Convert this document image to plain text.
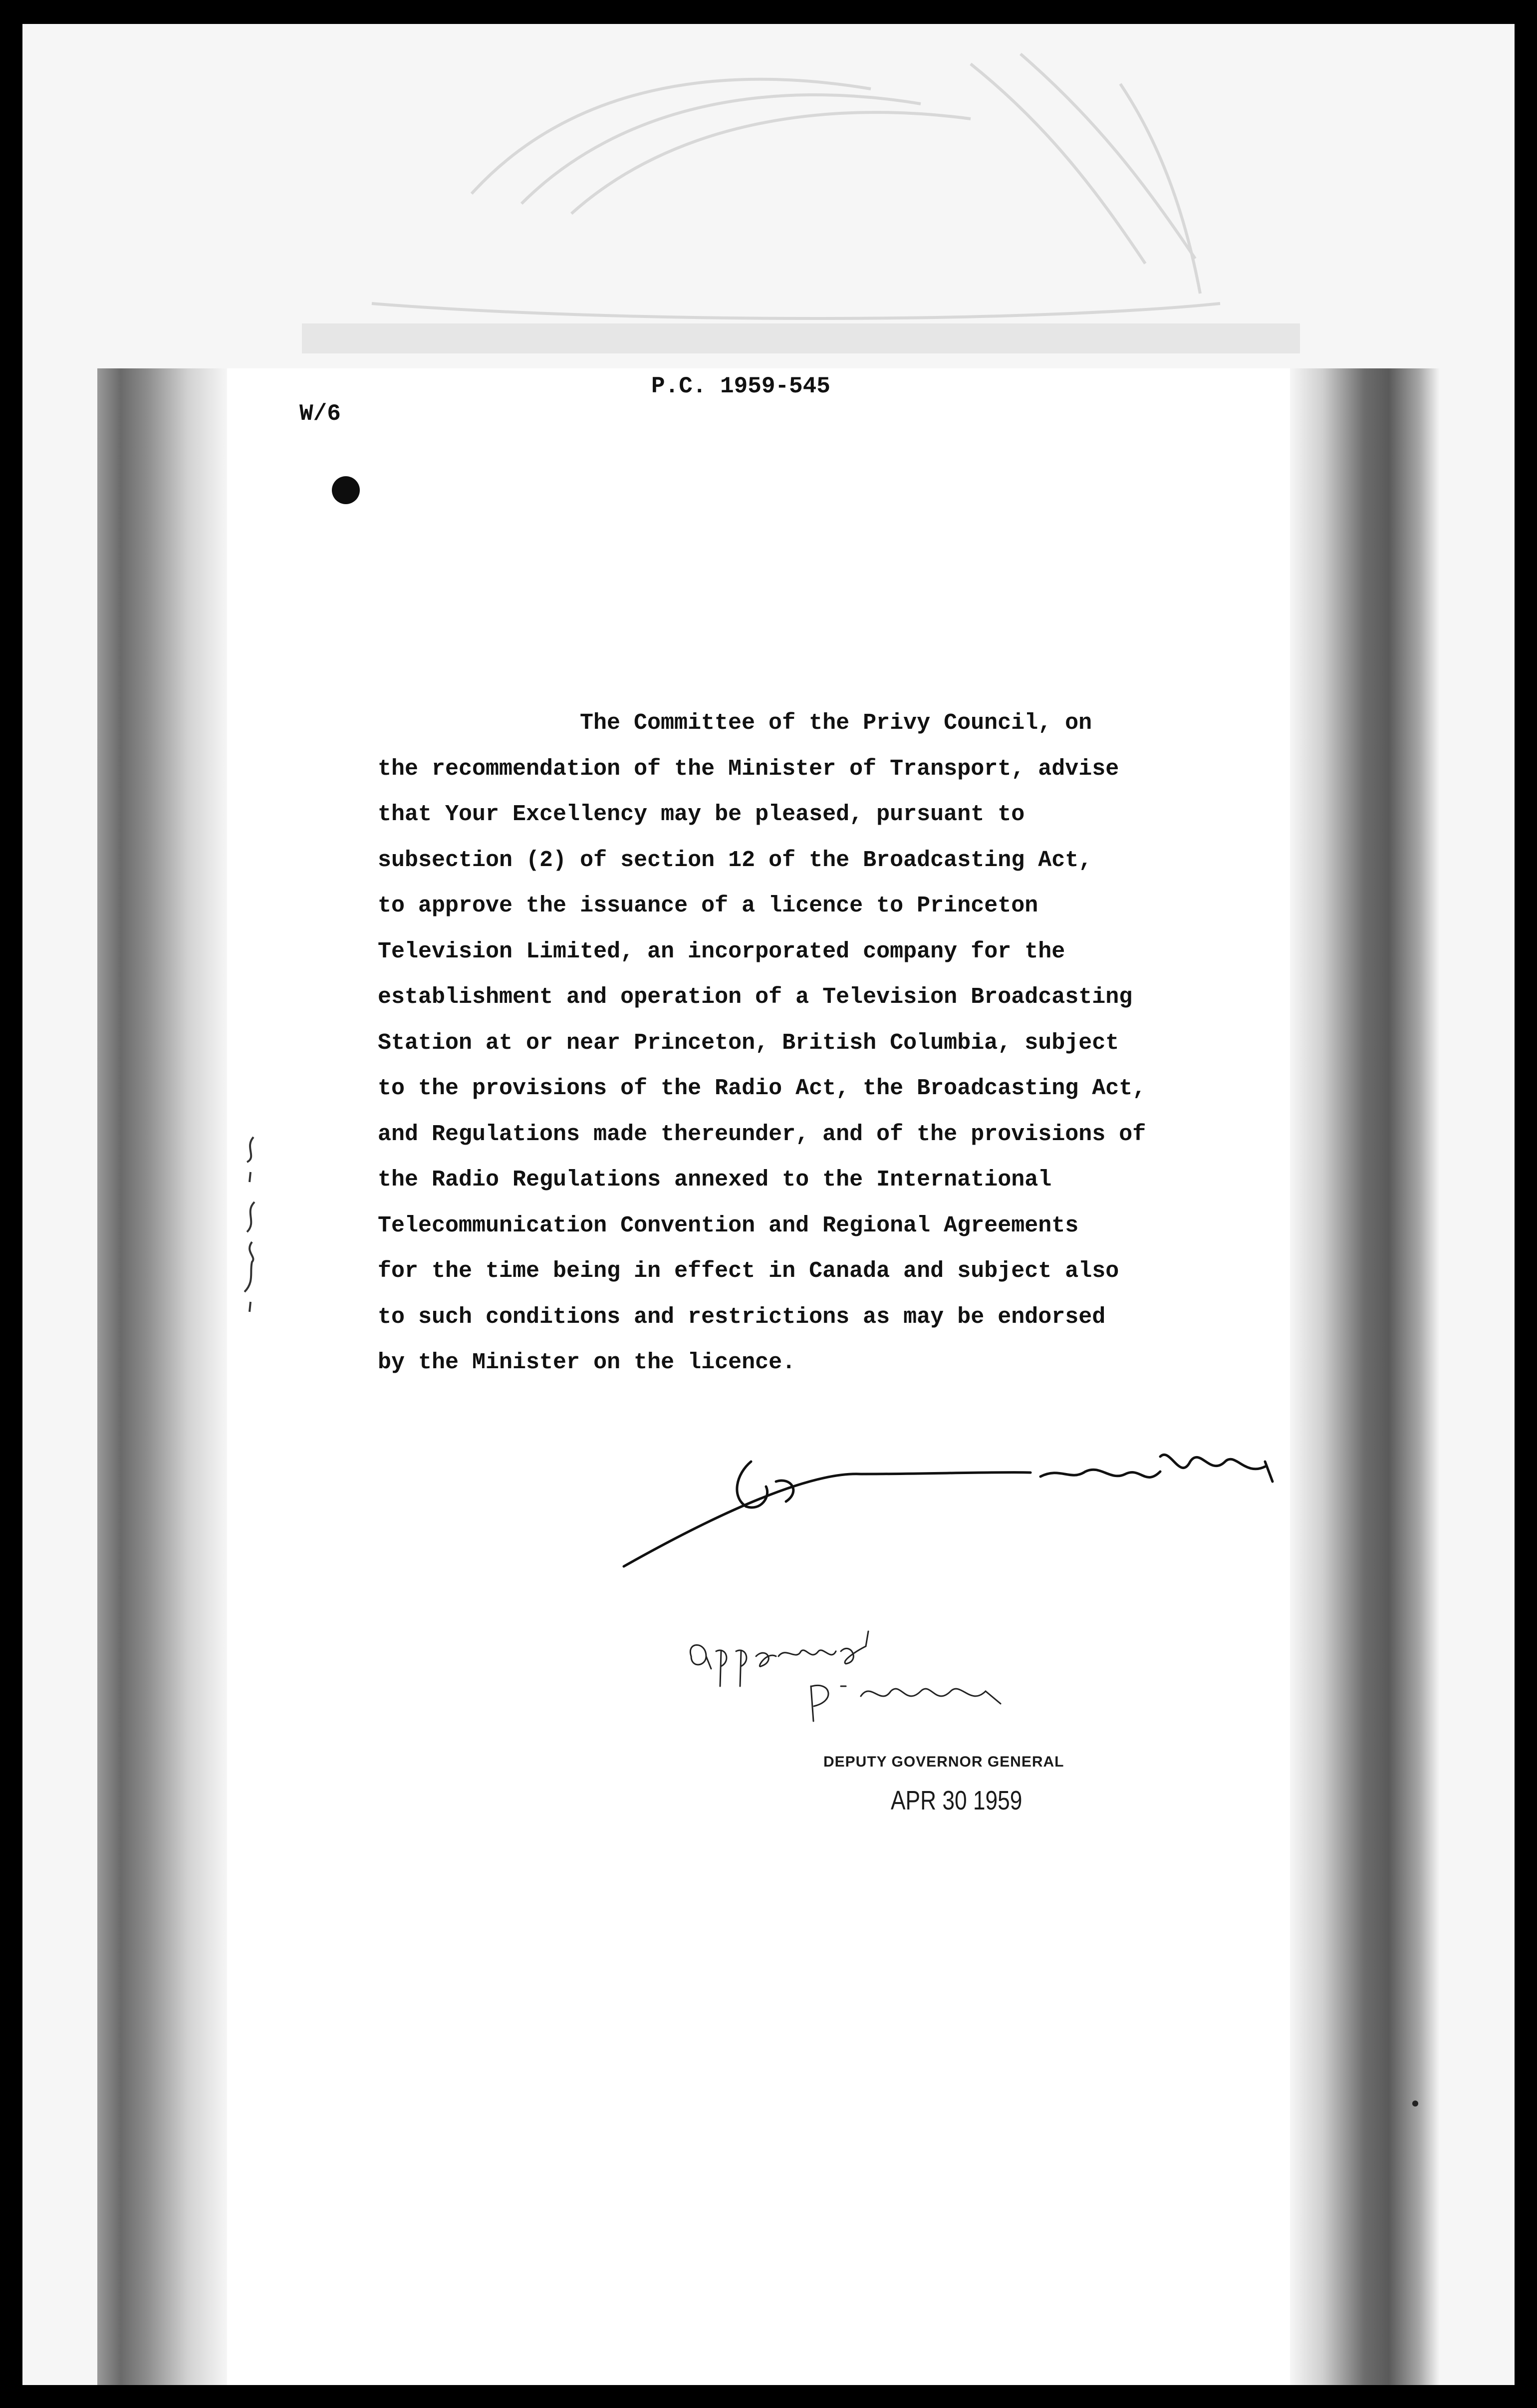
W/6
P.C. 1959-545
The Committee of the Privy Council, on
the recommendation of the Minister of Transport, advise
that Your Excellency may be pleased, pursuant to
subsection (2) of section 12 of the Broadcasting Act,
to approve the issuance of a licence to Princeton
Television Limited, an incorporated company for the
establishment and operation of a Television Broadcasting
Station at or near Princeton, British Columbia, subject
to the provisions of the Radio Act, the Broadcasting Act,
and Regulations made thereunder, and of the provisions of
the Radio Regulations annexed to the International
Telecommunication Convention and Regional Agreements
for the time being in effect in Canada and subject also
to such conditions and restrictions as may be endorsed
by the Minister on the licence.
DEPUTY GOVERNOR GENERAL
APR 30 1959
